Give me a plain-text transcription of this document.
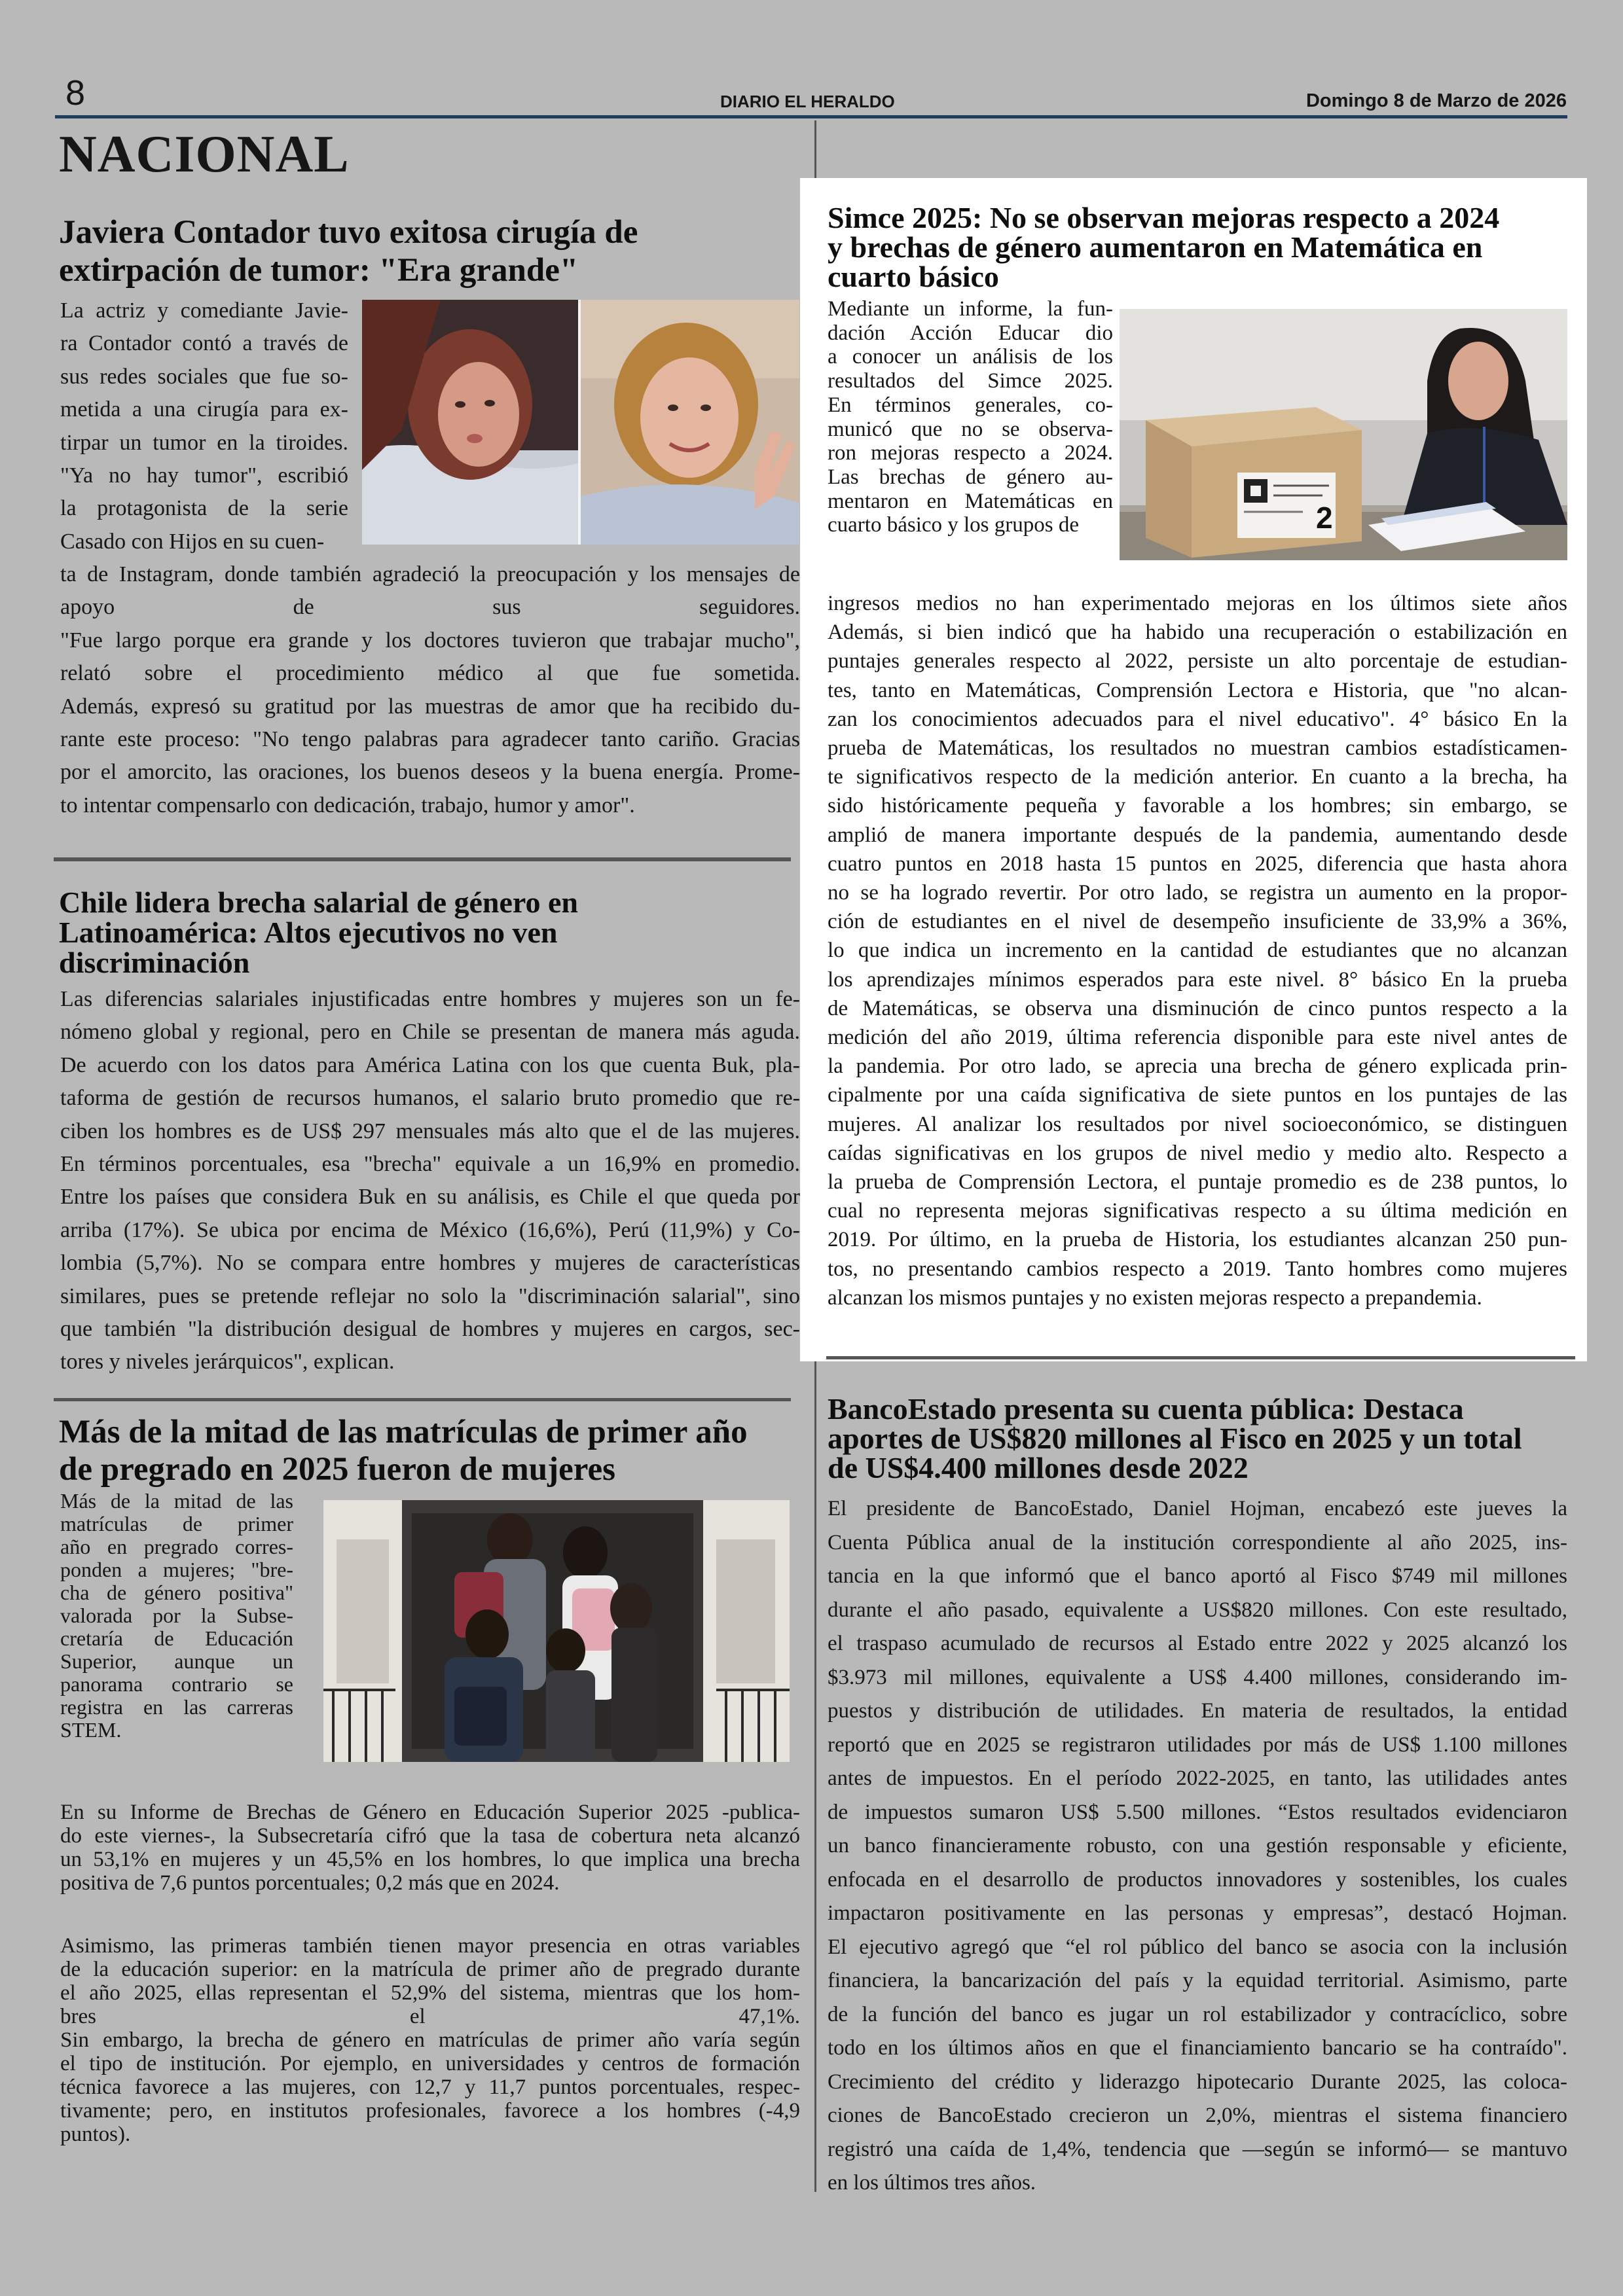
8	DIARIO EL HERALDO	Domingo 8 de Marzo de 2026
NACIONAL
Javiera Contador tuvo exitosa cirugía de
extirpación de tumor: "Era grande"
La actriz y comediante Javie-
ra Contador contó a través de
sus redes sociales que fue so-
metida a una cirugía para ex-
tirpar un tumor en la tiroides.
"Ya no hay tumor", escribió
la protagonista de la serie
Casado con Hijos en su cuen-
ta de Instagram, donde también agradeció la preocupación y los mensajes de
apoyo de sus seguidores.
"Fue largo porque era grande y los doctores tuvieron que trabajar mucho",
relató sobre el procedimiento médico al que fue sometida.
Además, expresó su gratitud por las muestras de amor que ha recibido du-
rante este proceso: "No tengo palabras para agradecer tanto cariño. Gracias
por el amorcito, las oraciones, los buenos deseos y la buena energía. Prome-
to intentar compensarlo con dedicación, trabajo, humor y amor".
Chile lidera brecha salarial de género en
Latinoamérica: Altos ejecutivos no ven
discriminación
Las diferencias salariales injustificadas entre hombres y mujeres son un fe-
nómeno global y regional, pero en Chile se presentan de manera más aguda.
De acuerdo con los datos para América Latina con los que cuenta Buk, pla-
taforma de gestión de recursos humanos, el salario bruto promedio que re-
ciben los hombres es de US$ 297 mensuales más alto que el de las mujeres.
En términos porcentuales, esa "brecha" equivale a un 16,9% en promedio.
Entre los países que considera Buk en su análisis, es Chile el que queda por
arriba (17%). Se ubica por encima de México (16,6%), Perú (11,9%) y Co-
lombia (5,7%). No se compara entre hombres y mujeres de características
similares, pues se pretende reflejar no solo la "discriminación salarial", sino
que también "la distribución desigual de hombres y mujeres en cargos, sec-
tores y niveles jerárquicos", explican.
Más de la mitad de las matrículas de primer año
de pregrado en 2025 fueron de mujeres
Más de la mitad de las
matrículas de primer
año en pregrado corres-
ponden a mujeres; "bre-
cha de género positiva"
valorada por la Subse-
cretaría de Educación
Superior, aunque un
panorama contrario se
registra en las carreras
STEM.
En su Informe de Brechas de Género en Educación Superior 2025 -publica-
do este viernes-, la Subsecretaría cifró que la tasa de cobertura neta alcanzó
un 53,1% en mujeres y un 45,5% en los hombres, lo que implica una brecha
positiva de 7,6 puntos porcentuales; 0,2 más que en 2024.
Asimismo, las primeras también tienen mayor presencia en otras variables
de la educación superior: en la matrícula de primer año de pregrado durante
el año 2025, ellas representan el 52,9% del sistema, mientras que los hom-
bres el 47,1%.
Sin embargo, la brecha de género en matrículas de primer año varía según
el tipo de institución. Por ejemplo, en universidades y centros de formación
técnica favorece a las mujeres, con 12,7 y 11,7 puntos porcentuales, respec-
tivamente; pero, en institutos profesionales, favorece a los hombres (-4,9
puntos).
Simce 2025: No se observan mejoras respecto a 2024
y brechas de género aumentaron en Matemática en
cuarto básico
Mediante un informe, la fun-
dación Acción Educar dio
a conocer un análisis de los
resultados del Simce 2025.
En términos generales, co-
municó que no se observa-
ron mejoras respecto a 2024.
Las brechas de género au-
mentaron en Matemáticas en
cuarto básico y los grupos de	2
ingresos medios no han experimentado mejoras en los últimos siete años
Además, si bien indicó que ha habido una recuperación o estabilización en
puntajes generales respecto al 2022, persiste un alto porcentaje de estudian-
tes, tanto en Matemáticas, Comprensión Lectora e Historia, que "no alcan-
zan los conocimientos adecuados para el nivel educativo". 4° básico En la
prueba de Matemáticas, los resultados no muestran cambios estadísticamen-
te significativos respecto de la medición anterior. En cuanto a la brecha, ha
sido históricamente pequeña y favorable a los hombres; sin embargo, se
amplió de manera importante después de la pandemia, aumentando desde
cuatro puntos en 2018 hasta 15 puntos en 2025, diferencia que hasta ahora
no se ha logrado revertir. Por otro lado, se registra un aumento en la propor-
ción de estudiantes en el nivel de desempeño insuficiente de 33,9% a 36%,
lo que indica un incremento en la cantidad de estudiantes que no alcanzan
los aprendizajes mínimos esperados para este nivel. 8° básico En la prueba
de Matemáticas, se observa una disminución de cinco puntos respecto a la
medición del año 2019, última referencia disponible para este nivel antes de
la pandemia. Por otro lado, se aprecia una brecha de género explicada prin-
cipalmente por una caída significativa de siete puntos en los puntajes de las
mujeres. Al analizar los resultados por nivel socioeconómico, se distinguen
caídas significativas en los grupos de nivel medio y medio alto. Respecto a
la prueba de Comprensión Lectora, el puntaje promedio es de 238 puntos, lo
cual no representa mejoras significativas respecto a su última medición en
2019. Por último, en la prueba de Historia, los estudiantes alcanzan 250 pun-
tos, no presentando cambios respecto a 2019. Tanto hombres como mujeres
alcanzan los mismos puntajes y no existen mejoras respecto a prepandemia.
BancoEstado presenta su cuenta pública: Destaca
aportes de US$820 millones al Fisco en 2025 y un total
de US$4.400 millones desde 2022
El presidente de BancoEstado, Daniel Hojman, encabezó este jueves la
Cuenta Pública anual de la institución correspondiente al año 2025, ins-
tancia en la que informó que el banco aportó al Fisco $749 mil millones
durante el año pasado, equivalente a US$820 millones. Con este resultado,
el traspaso acumulado de recursos al Estado entre 2022 y 2025 alcanzó los
$3.973 mil millones, equivalente a US$ 4.400 millones, considerando im-
puestos y distribución de utilidades. En materia de resultados, la entidad
reportó que en 2025 se registraron utilidades por más de US$ 1.100 millones
antes de impuestos. En el período 2022-2025, en tanto, las utilidades antes
de impuestos sumaron US$ 5.500 millones. “Estos resultados evidenciaron
un banco financieramente robusto, con una gestión responsable y eficiente,
enfocada en el desarrollo de productos innovadores y sostenibles, los cuales
impactaron positivamente en las personas y empresas”, destacó Hojman.
El ejecutivo agregó que “el rol público del banco se asocia con la inclusión
financiera, la bancarización del país y la equidad territorial. Asimismo, parte
de la función del banco es jugar un rol estabilizador y contracíclico, sobre
todo en los últimos años en que el financiamiento bancario se ha contraído".
Crecimiento del crédito y liderazgo hipotecario Durante 2025, las coloca-
ciones de BancoEstado crecieron un 2,0%, mientras el sistema financiero
registró una caída de 1,4%, tendencia que —según se informó— se mantuvo
en los últimos tres años.
